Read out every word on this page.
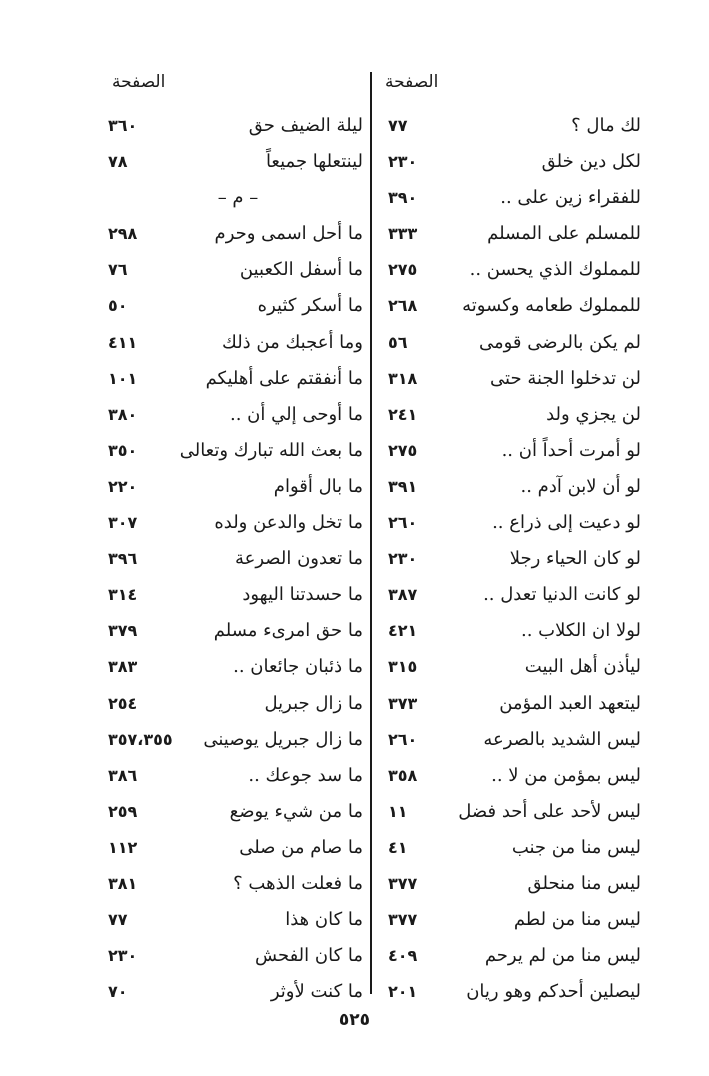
الصفحة
الصفحة
لك مال ؟
٧٧
ليلة الضيف حق
٣٦٠
لكل دين خلق
٢٣٠
لينتعلها جميعاً
٧٨
للفقراء زين على ..
٣٩٠
– م –
للمسلم على المسلم
٣٣٣
ما أحل اسمى وحرم
٢٩٨
للمملوك الذي يحسن ..
٢٧٥
ما أسفل الكعبين
٧٦
للمملوك طعامه وكسوته
٢٦٨
ما أسكر كثيره
٥٠
لم يكن بالرضى قومى
٥٦
وما أعجبك من ذلك
٤١١
لن تدخلوا الجنة حتى
٣١٨
ما أنفقتم على أهليكم
١٠١
لن يجزي ولد
٢٤١
ما أوحى إلي أن ..
٣٨٠
لو أمرت أحداً أن ..
٢٧٥
ما بعث الله تبارك وتعالى
٣٥٠
لو أن لابن آدم ..
٣٩١
ما بال أقوام
٢٢٠
لو دعيت إلى ذراع ..
٢٦٠
ما تخل والدعن ولده
٣٠٧
لو كان الحياء رجلا
٢٣٠
ما تعدون الصرعة
٣٩٦
لو كانت الدنيا تعدل ..
٣٨٧
ما حسدتنا اليهود
٣١٤
لولا ان الكلاب ..
٤٢١
ما حق امرىء مسلم
٣٧٩
ليأذن أهل البيت
٣١٥
ما ذئبان جائعان ..
٣٨٣
ليتعهد العبد المؤمن
٣٧٣
ما زال جبريل
٢٥٤
ليس الشديد بالصرعه
٢٦٠
ما زال جبريل يوصينى
٣٥٧،٣٥٥
ليس بمؤمن من لا ..
٣٥٨
ما سد جوعك ..
٣٨٦
ليس لأحد على أحد فضل
١١
ما من شيء يوضع
٢٥٩
ليس منا من جنب
٤١
ما صام من صلى
١١٢
ليس منا منحلق
٣٧٧
ما فعلت الذهب ؟
٣٨١
ليس منا من لطم
٣٧٧
ما كان هذا
٧٧
ليس منا من لم يرحم
٤٠٩
ما كان الفحش
٢٣٠
ليصلين أحدكم وهو ريان
٢٠١
ما كنت لأوثر
٧٠
٥٢٥
